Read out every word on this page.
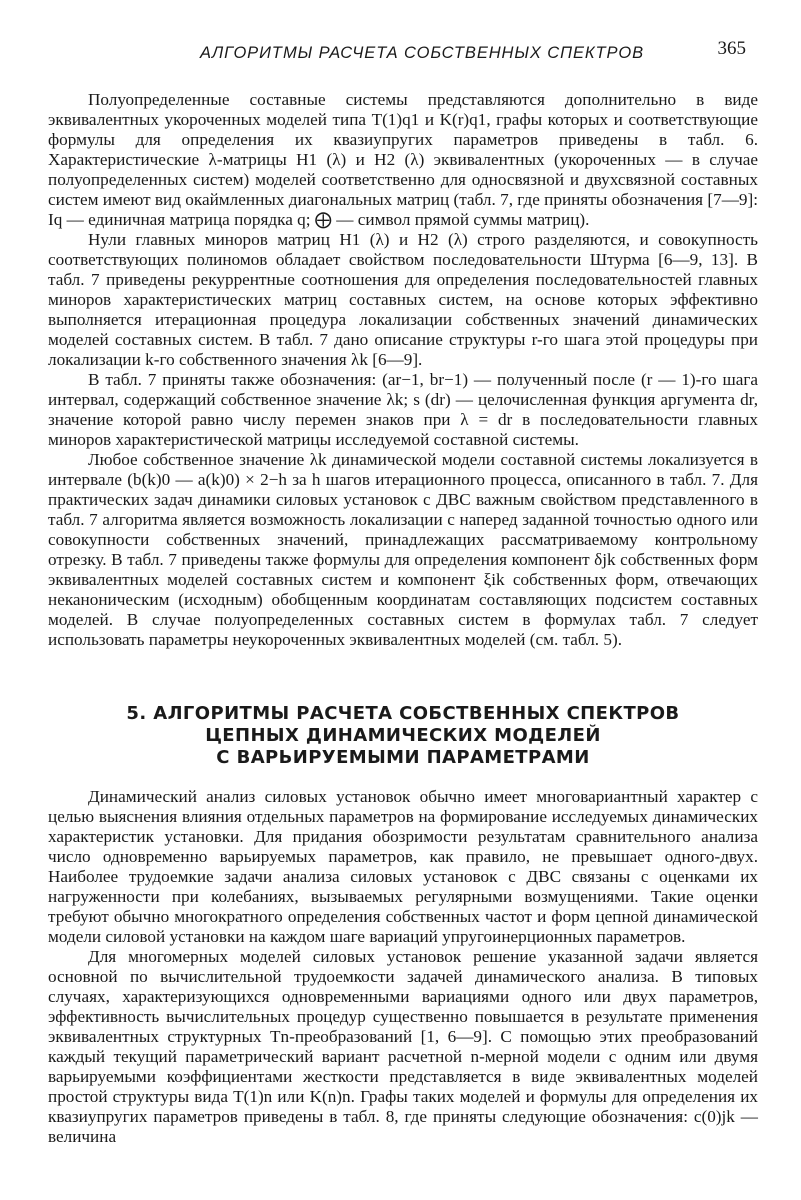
АЛГОРИТМЫ РАСЧЕТА СОБСТВЕННЫХ СПЕКТРОВ	365

Полуопределенные составные системы представляются дополнительно в виде эквивалентных укороченных моделей типа T(1)q1 и K(r)q1, графы которых и соответствующие формулы для определения их квазиупругих параметров приведены в табл. 6. Характеристические λ-матрицы H1 (λ) и H2 (λ) эквивалентных (укороченных — в случае полуопределенных систем) моделей соответственно для односвязной и двухсвязной составных систем имеют вид окаймленных диагональных матриц (табл. 7, где приняты обозначения [7—9]: Iq — единичная матрица порядка q; ⨁ — символ прямой суммы матриц).

Нули главных миноров матриц H1 (λ) и H2 (λ) строго разделяются, и совокупность соответствующих полиномов обладает свойством последовательности Штурма [6—9, 13]. В табл. 7 приведены рекуррентные соотношения для определения последовательностей главных миноров характеристических матриц составных систем, на основе которых эффективно выполняется итерационная процедура локализации собственных значений динамических моделей составных систем. В табл. 7 дано описание структуры r-го шага этой процедуры при локализации k-го собственного значения λk [6—9].

В табл. 7 приняты также обозначения: (ar−1, br−1) — полученный после (r — 1)-го шага интервал, содержащий собственное значение λk; s (dr) — целочисленная функция аргумента dr, значение которой равно числу перемен знаков при λ = dr в последовательности главных миноров характеристической матрицы исследуемой составной системы.

Любое собственное значение λk динамической модели составной системы локализуется в интервале (b(k)0 — a(k)0) × 2−h за h шагов итерационного процесса, описанного в табл. 7. Для практических задач динамики силовых установок с ДВС важным свойством представленного в табл. 7 алгоритма является возможность локализации с наперед заданной точностью одного или совокупности собственных значений, принадлежащих рассматриваемому контрольному отрезку. В табл. 7 приведены также формулы для определения компонент δjk собственных форм эквивалентных моделей составных систем и компонент ξik собственных форм, отвечающих неканоническим (исходным) обобщенным координатам составляющих подсистем составных моделей. В случае полуопределенных составных систем в формулах табл. 7 следует использовать параметры неукороченных эквивалентных моделей (см. табл. 5).

5. АЛГОРИТМЫ РАСЧЕТА СОБСТВЕННЫХ СПЕКТРОВ
ЦЕПНЫХ ДИНАМИЧЕСКИХ МОДЕЛЕЙ
С ВАРЬИРУЕМЫМИ ПАРАМЕТРАМИ

Динамический анализ силовых установок обычно имеет многовариантный характер с целью выяснения влияния отдельных параметров на формирование исследуемых динамических характеристик установки. Для придания обозримости результатам сравнительного анализа число одновременно варьируемых параметров, как правило, не превышает одного-двух. Наиболее трудоемкие задачи анализа силовых установок с ДВС связаны с оценками их нагруженности при колебаниях, вызываемых регулярными возмущениями. Такие оценки требуют обычно многократного определения собственных частот и форм цепной динамической модели силовой установки на каждом шаге вариаций упругоинерционных параметров.

Для многомерных моделей силовых установок решение указанной задачи является основной по вычислительной трудоемкости задачей динамического анализа. В типовых случаях, характеризующихся одновременными вариациями одного или двух параметров, эффективность вычислительных процедур существенно повышается в результате применения эквивалентных структурных Tn-преобразований [1, 6—9]. С помощью этих преобразований каждый текущий параметрический вариант расчетной n-мерной модели с одним или двумя варьируемыми коэффициентами жесткости представляется в виде эквивалентных моделей простой структуры вида T(1)n или K(n)n. Графы таких моделей и формулы для определения их квазиупругих параметров приведены в табл. 8, где приняты следующие обозначения: c(0)jk — величина
